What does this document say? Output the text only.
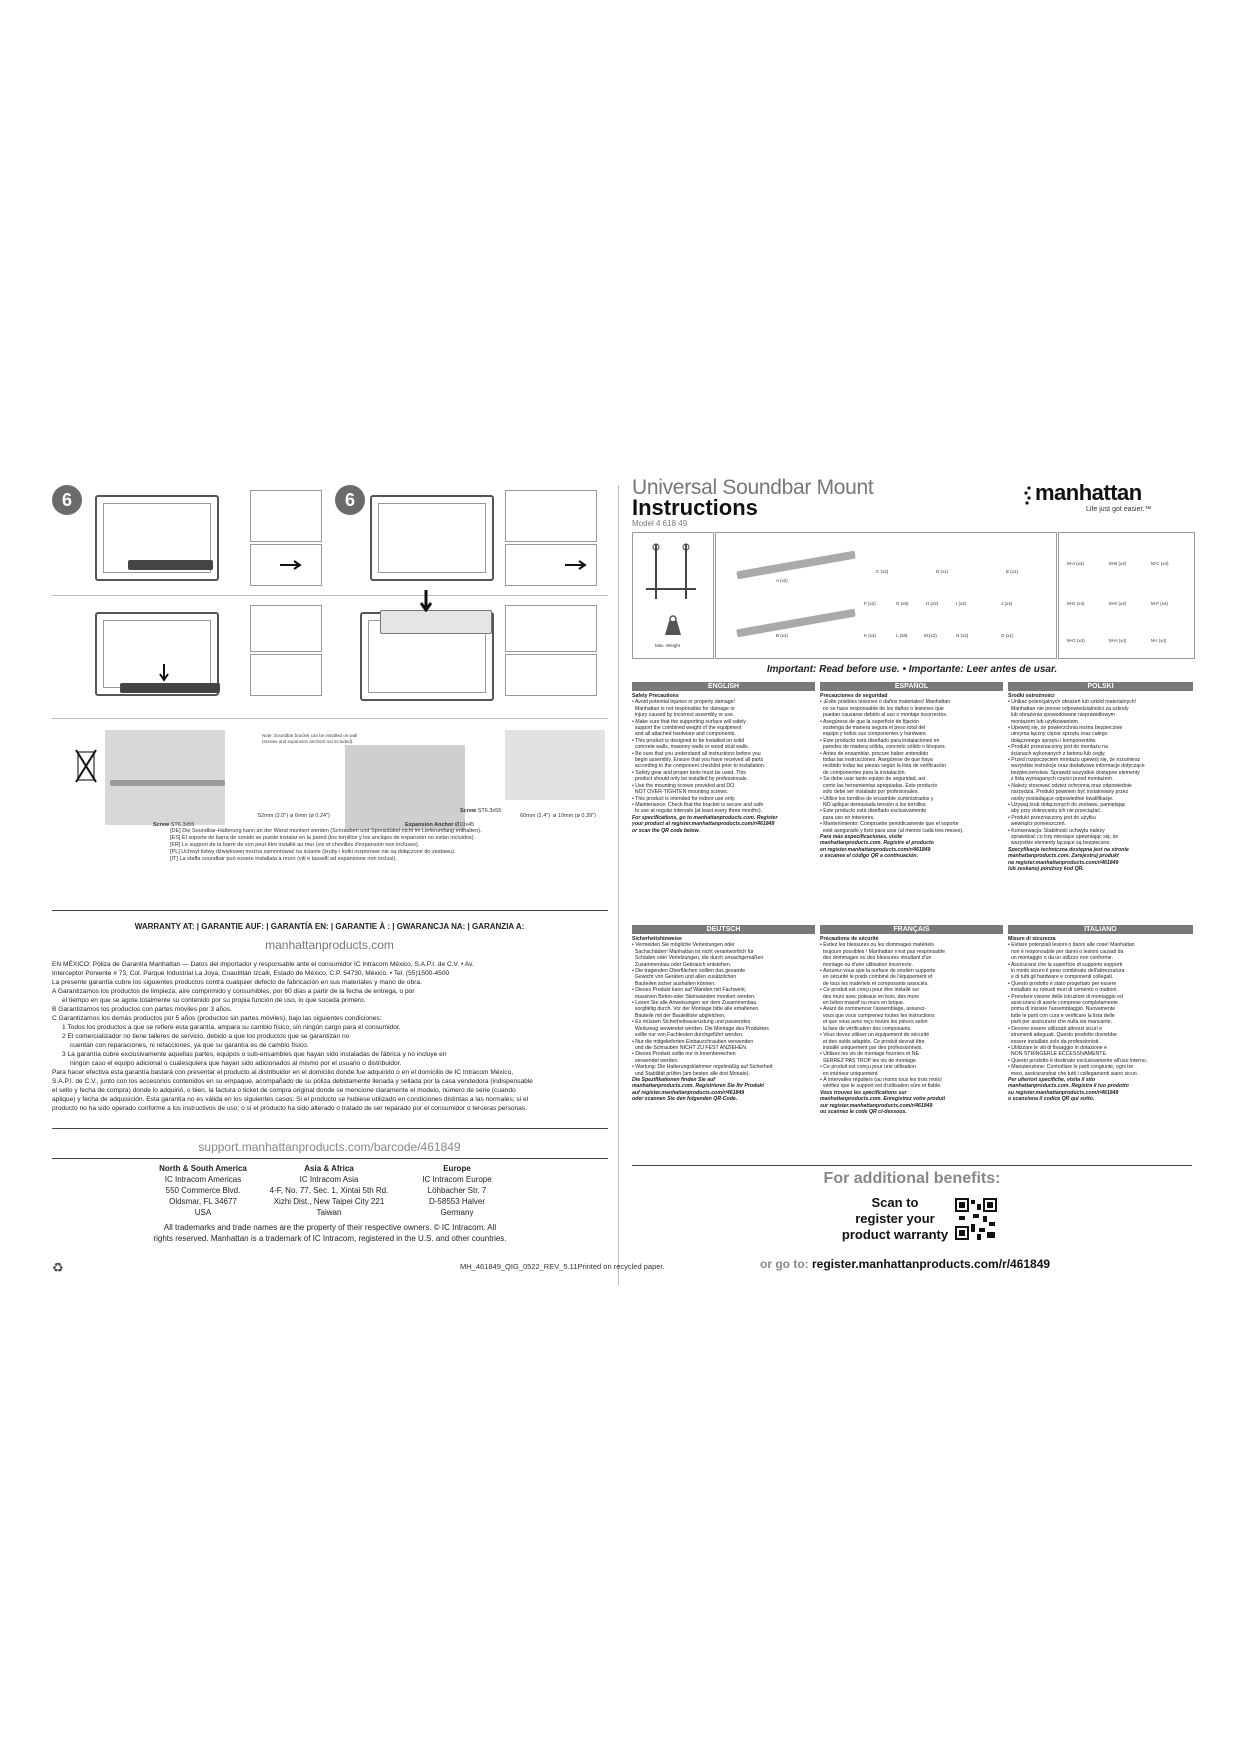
6	6
Note: Soundbar bracket can be installed on wall (screws and expansion anchors not included).
Screw ST6.3x55
52mm (2.0") ø 6mm (ø 0.24")
Screw ST6.3x55
Expansion Anchor Ø10x45
60mm (2.4") ø 10mm (ø 0.39")
[DE] Die Soundbar-Halterung kann an der Wand montiert werden (Schrauben und Spreizdübel nicht im Lieferumfang enthalten).
[ES] El soporte de barra de sonido se puede instalar en la pared (los tornillos y los anclajes de expansión no están incluidos).
[FR] Le support de la barre de son peut être installé au mur (vis et chevilles d'expansion non incluses).
[PL] Uchwyt listwy dźwiękowej można zamontować na ścianie (śruby i kołki rozporowe nie są dołączone do zestawu).
[IT] La staffa soundbar può essere installata a muro (viti e tasselli ad espansione non inclusi).
WARRANTY AT: | GARANTIE AUF: | GARANTÍA EN: | GARANTIE À : | GWARANCJA NA: | GARANZIA A:
manhattanproducts.com

EN MÉXICO: Póliza de Garantía Manhattan — Datos del importador y responsable ante el consumidor IC Intracom México, S.A.P.I. de C.V. • Av.

Interceptor Poniente # 73, Col. Parque Industrial La Joya, Cuautitlán Izcalli, Estado de México, C.P. 54730, México. • Tel. (55)1500-4500

La presente garantía cubre los siguientes productos contra cualquier defecto de fabricación en sus materiales y mano de obra.

A Garantizamos los productos de limpieza, aire comprimido y consumibles, por 60 días a partir de la fecha de entrega, o por

el tiempo en que se agote totalmente su contenido por su propia función de uso, lo que suceda primero.

B Garantizamos los productos con partes móviles por 3 años.

C Garantizamos los demás productos por 5 años (productos sin partes móviles), bajo las siguientes condiciones:

1 Todos los productos a que se refiere esta garantía, ampara su cambio físico, sin ningún cargo para el consumidor.

2 El comercializador no tiene talleres de servicio, debido a que los productos que se garantizan no

cuentan con reparaciones, ni refacciones, ya que su garantía es de cambio físico.

3 La garantía cubre exclusivamente aquellas partes, equipos o sub-ensambles que hayan sido instaladas de fábrica y no incluye en

ningún caso el equipo adicional o cualesquiera que hayan sido adicionados al mismo por el usuario o distribuidor.

Para hacer efectiva esta garantía bastará con presentar el producto al distribuidor en el domicilio donde fue adquirido o en el domicilio de IC Intracom México,

S.A.P.I. de C.V., junto con los accesorios contenidos en su empaque, acompañado de su póliza debidamente llenada y sellada por la casa vendedora (indispensable

el sello y fecha de compra) donde lo adquirió, o bien, la factura o ticket de compra original donde se mencione claramente el modelo, número de serie (cuando

aplique) y fecha de adquisición. Esta garantía no es válida en los siguientes casos: Si el producto se hubiese utilizado en condiciones distintas a las normales; si el

producto no ha sido operado conforme a los instructivos de uso; o si el producto ha sido alterado o tratado de ser reparado por el consumidor o terceras personas.

support.manhattanproducts.com/barcode/461849
North & South America
IC Intracom Americas
550 Commerce Blvd.
Oldsmar, FL 34677
USA
Asia & Africa
IC Intracom Asia
4-F, No. 77, Sec. 1, Xintai 5th Rd.
Xizhi Dist., New Taipei City 221
Taiwan
Europe
IC Intracom Europe
Löhbacher Str. 7
D-58553 Halver
Germany
All trademarks and trade names are the property of their respective owners. © IC Intracom. All
rights reserved. Manhattan is a trademark of IC Intracom, registered in the U.S. and other countries.
♻	MH_461849_QIG_0522_REV_5.11Printed on recycled paper.
Universal Soundbar Mount
Instructions
Model 4 618 49
manhattan
Life just got easier.™
Max. Weight
A (x2)
B (x2)
C (x2)	D (x1)	E (x1)
F (x2)	G (x8)	H (x2)	I (x2)	J (x4)
K (x4)	L (x8)	M (x2)	N (x2)	O (x1)
M-A (x4)	M-B (x4)	M-C (x4)
M-D (x4)	M-E (x4)	M-F (x4)
M-G (x4)	M-H (x4)	M-I (x4)
Important: Read before use. • Importante: Leer antes de usar.
ENGLISH	ESPAÑOL	POLSKI
Safety Precautions
• Avoid potential injuries or property damage!
Manhattan is not responsible for damage or
injury caused by incorrect assembly or use.
• Make sure that the supporting surface will safely
support the combined weight of the equipment
and all attached hardware and components.
• This product is designed to be installed on solid
concrete walls, masonry walls or wood stud walls.
• Be sure that you understand all instructions before you
begin assembly. Ensure that you have received all parts
according to the component checklist prior to installation.
• Safety gear and proper tools must be used. This
product should only be installed by professionals.
• Use the mounting screws provided and DO
NOT OVER-TIGHTEN mounting screws.
• This product is intended for indoor use only.
• Maintenance: Check that the bracket is secure and safe
to use at regular intervals (at least every three months).
For specifications, go to manhattanproducts.com. Register
your product at register.manhattanproducts.com/r/461849
or scan the QR code below.
Precauciones de seguridad
• ¡Evite posibles lesiones o daños materiales! Manhattan
no se hace responsable de los daños o lesiones que
puedan causarse debido al uso o montaje incorrectos.
• Asegúrese de que la superficie de fijación
sostenga de manera segura el peso total del
equipo y todos sus componentes y hardware.
• Este producto está diseñado para instalaciones en
paredes de madera sólida, concreto sólido o bloques.
• Antes de ensamblar, procure haber entendido
todas las instrucciones. Asegúrese de que haya
recibido todas las piezas según la lista de verificación
de componentes para la instalación.
• Se debe usar tanto equipo de seguridad, así
como las herramientas apropiadas. Este producto
sólo debe ser instalado por profesionales.
• Utilice los tornillos de ensamble suministrados y
NO aplique demasiada tensión a los tornillos.
• Este producto está diseñado exclusivamente
para uso en interiores.
• Mantenimiento: Compruebe periódicamente que el soporte
esté asegurado y listo para usar (al menos cada tres meses).
Para más especificaciones, visite
manhattanproducts.com. Registre el producto
en register.manhattanproducts.com/r/461849
o escanee el código QR a continuación.
Środki ostrożności
• Unikać potencjalnych obrażeń lub szkód materialnych!
Manhattan nie ponosi odpowiedzialności za szkody
lub obrażenia spowodowane nieprawidłowym
montażem lub użytkowaniem.
• Upewnij się, że powierzchnia nośna bezpiecznie
utrzyma łączny ciężar sprzętu oraz całego
dołączonego sprzętu i komponentów.
• Produkt przeznaczony jest do montażu na
ścianach wykonanych z betonu lub cegły.
• Przed rozpoczęciem montażu upewnij się, że rozumiesz
wszystkie instrukcje oraz dodatkowe informacje dotyczące
bezpieczeństwa. Sprawdź wszystkie dostępne elementy
z listą wymaganych części przed montażem.
• Należy stosować odzież ochronną oraz odpowiednie
narzędzia. Produkt powinien być instalowany przez
osoby posiadające odpowiednie kwalifikacje.
• Używaj śrub dołączonych do zestawu, pamiętając
aby przy dokręcaniu ich nie przeciążać.
• Produkt przeznaczony jest do użytku
wewnątrz pomieszczeń.
• Konserwacja: Stabilność uchwytu należy
sprawdzać co trzy miesiące upewniając się, że
wszystkie elementy łączące są bezpieczne.
Specyfikacja techniczna dostępna jest na stronie
manhattanproducts.com. Zarejestruj produkt
na register.manhattanproducts.com/r/461849
lub zeskanuj poniższy kod QR.
DEUTSCH	FRANÇAIS	ITALIANO
Sicherheitshinweise
• Vermeiden Sie mögliche Verletzungen oder
Sachschäden! Manhattan ist nicht verantwortlich für
Schäden oder Verletzungen, die durch unsachgemäßen
Zusammenbau oder Gebrauch entstehen.
• Die tragenden Oberflächen sollten das gesamte
Gewicht von Geräten und allen zusätzlichen
Bauteilen sicher aushalten können.
• Dieses Produkt kann auf Wänden mit Fachwerk,
massiven Beton-oder Steinwänden montiert werden.
• Lesen Sie alle Anweisungen vor dem Zusammenbau
sorgfältig durch. Vor der Montage bitte alle erhaltenen
Bauteile mit der Bauteilliste abgleichen.
• Es müssen Sicherheitsausrüstung und passendes
Werkzeug verwendet werden. Die Montage des Produktes
sollte nur von Fachleuten durchgeführt werden.
• Nur die mitgelieferten Einbauschrauben verwenden
und die Schrauben NICHT ZU FEST ANZIEHEN.
• Dieses Produkt sollte nur in Innenbereichen
verwendet werden.
• Wartung: Die Halterungsklammer regelmäßig auf Sicherheit
und Stabilität prüfen (am besten alle drei Monate).
Die Spezifikationen finden Sie auf
manhattanproducts.com. Registrieren Sie Ihr Produkt
auf register.manhattanproducts.com/r/461849
oder scannen Sie den folgenden QR-Code.
Précautions de sécurité
• Évitez les blessures ou les dommages matériels
toujours possibles ! Manhattan n'est pas responsable
des dommages ou des blessures résultant d'un
montage ou d'une utilisation incorrecte.
• Assurez-vous que la surface de soutien supporte
en sécurité le poids combiné de l'équipement et
de tous les matériels et composants associés.
• Ce produit est conçu pour être installé sur
des murs avec poteaux en bois, des murs
en béton massif ou murs en brique.
• Avant de commencer l'assemblage, assurez-
vous que vous comprenez toutes les instructions
et que vous avez reçu toutes les pièces selon
la liste de vérification des composants.
• Vous devez utiliser un équipement de sécurité
et des outils adaptés. Ce produit devrait être
installé uniquement par des professionnels.
• Utilisez les vis de montage fournies et NE
SERREZ PAS TROP les vis de montage.
• Ce produit est conçu pour une utilisation
en intérieur uniquement.
• À intervalles réguliers (au moins tous les trois mois)
vérifiez que le support est d'utilisation sûre et fiable.
Vous trouvez les spécifications sur
manhattanproducts.com. Enregistrez votre produit
sur register.manhattanproducts.com/r/461849
ou scannez le code QR ci-dessous.
Misure di sicurezza
• Evitare potenziali lesioni o danni alle cose! Manhattan
non è responsabile per danni o lesioni causati da
un montaggio o da un utilizzo non conforme.
• Assicurarsi che la superficie di supporto sopporti
in modo sicuro il peso combinato dell'attrezzatura
e di tutti gli hardware e componenti collegati.
• Questo prodotto è stato progettato per essere
installato su robusti muri di cemento o mattoni.
• Prendere visione delle istruzioni di montaggio ed
assicurarsi di averle comprese completamente
prima di iniziare l'assemblaggio. Nuovamente
tutte le parti con cura e verificare la lista delle
parti per assicurarsi che nulla sia mancante.
• Devono essere utilizzati attrezzi sicuri e
strumenti adeguati. Questo prodotto dovrebbe
essere installato solo da professionisti.
• Utilizzare le viti di fissaggio in dotazione e
NON STRINGERLE ECCESSIVAMENTE.
• Questo prodotto è destinato esclusivamente all'uso interno.
• Manutenzione: Controllare le parti congiunte, ogni tre
mesi, assicurandosi che tutti i collegamenti siano sicuri.
Per ulteriori specifiche, visita il sito
manhattanproducts.com. Registra il tuo prodotto
su register.manhattanproducts.com/r/461849
o scansiona il codice QR qui sotto.
For additional benefits:
Scan to
register your
product warranty
or go to: register.manhattanproducts.com/r/461849
